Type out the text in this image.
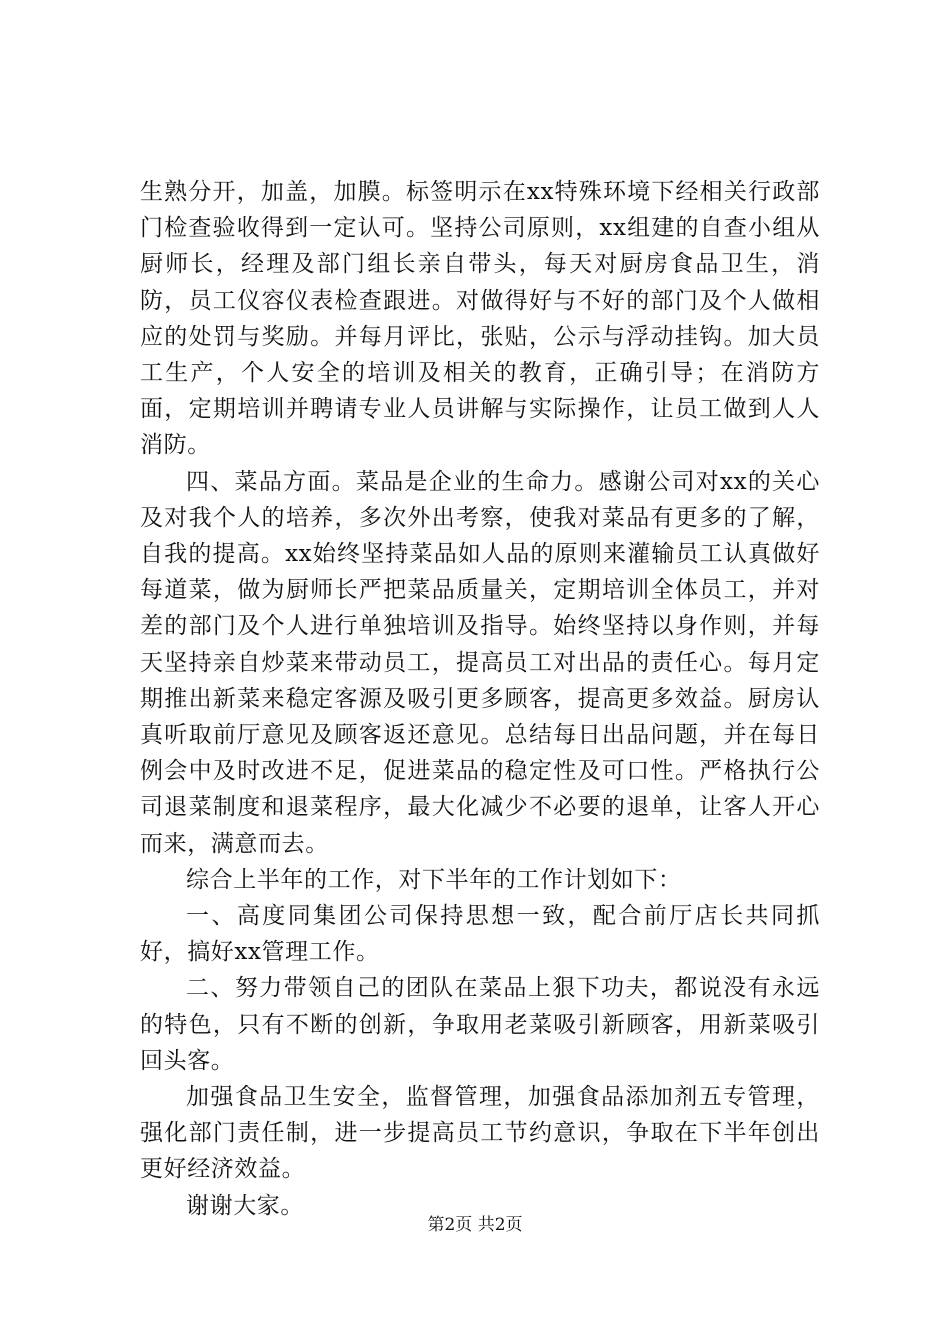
生熟分开，加盖，加膜。标签明示在xx特殊环境下经相关行政部门检查验收得到一定认可。坚持公司原则，xx组建的自查小组从厨师长，经理及部门组长亲自带头，每天对厨房食品卫生，消防，员工仪容仪表检查跟进。对做得好与不好的部门及个人做相应的处罚与奖励。并每月评比，张贴，公示与浮动挂钩。加大员工生产，个人安全的培训及相关的教育，正确引导；在消防方面，定期培训并聘请专业人员讲解与实际操作，让员工做到人人消防。

四、菜品方面。菜品是企业的生命力。感谢公司对xx的关心及对我个人的培养，多次外出考察，使我对菜品有更多的了解，自我的提高。xx始终坚持菜品如人品的原则来灌输员工认真做好每道菜，做为厨师长严把菜品质量关，定期培训全体员工，并对差的部门及个人进行单独培训及指导。始终坚持以身作则，并每天坚持亲自炒菜来带动员工，提高员工对出品的责任心。每月定期推出新菜来稳定客源及吸引更多顾客，提高更多效益。厨房认真听取前厅意见及顾客返还意见。总结每日出品问题，并在每日例会中及时改进不足，促进菜品的稳定性及可口性。严格执行公司退菜制度和退菜程序，最大化减少不必要的退单，让客人开心而来，满意而去。

综合上半年的工作，对下半年的工作计划如下：

一、高度同集团公司保持思想一致，配合前厅店长共同抓好，搞好xx管理工作。

二、努力带领自己的团队在菜品上狠下功夫，都说没有永远的特色，只有不断的创新，争取用老菜吸引新顾客，用新菜吸引回头客。

加强食品卫生安全，监督管理，加强食品添加剂五专管理，强化部门责任制，进一步提高员工节约意识，争取在下半年创出更好经济效益。

谢谢大家。

第2页 共2页
